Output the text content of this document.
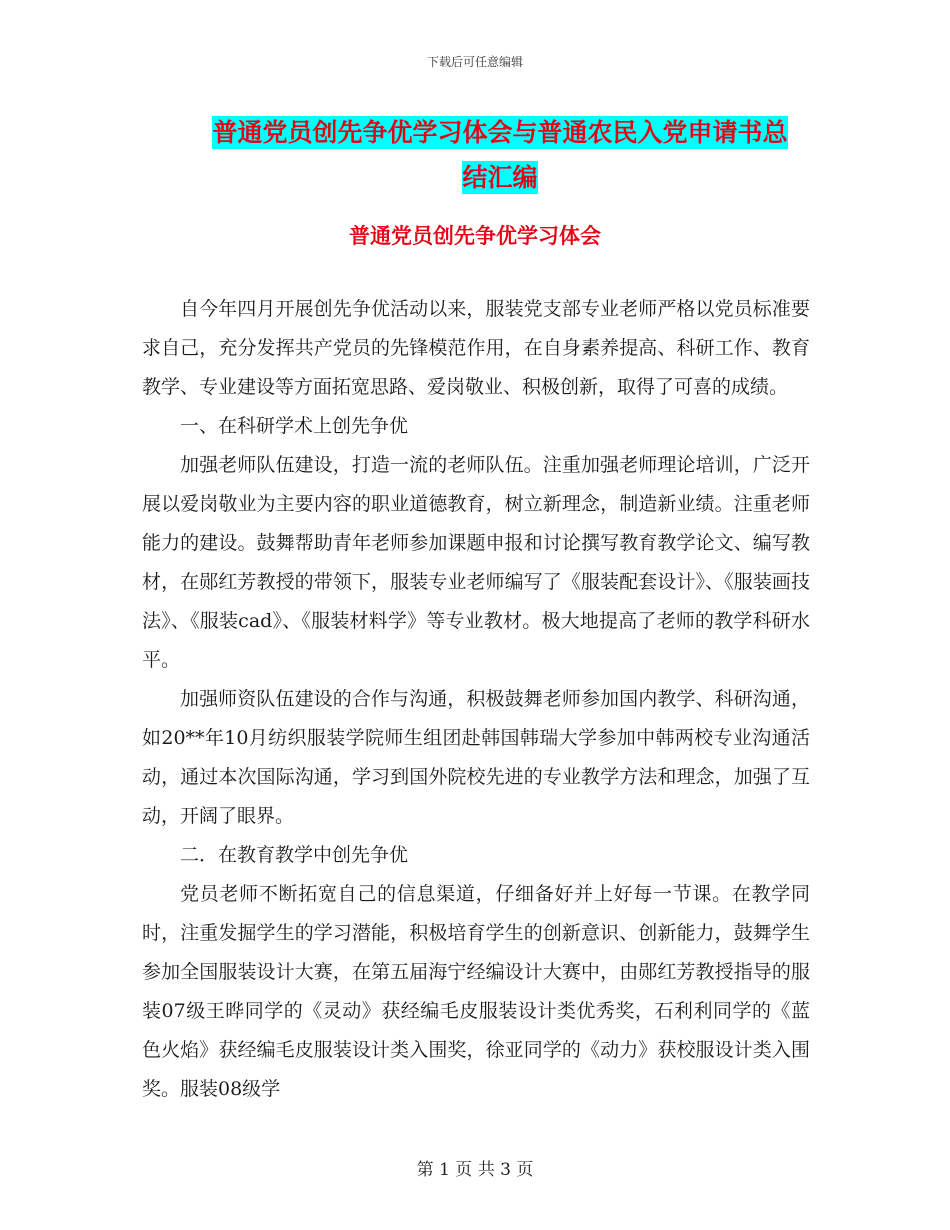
下载后可任意编辑
普通党员创先争优学习体会与普通农民入党申请书总
结汇编
普通党员创先争优学习体会

自今年四月开展创先争优活动以来，服装党支部专业老师严格以党员标准要求自己，充分发挥共产党员的先锋模范作用，在自身素养提高、科研工作、教育教学、专业建设等方面拓宽思路、爱岗敬业、积极创新，取得了可喜的成绩。

一、在科研学术上创先争优

加强老师队伍建设，打造一流的老师队伍。注重加强老师理论培训，广泛开展以爱岗敬业为主要内容的职业道德教育，树立新理念，制造新业绩。注重老师能力的建设。鼓舞帮助青年老师参加课题申报和讨论撰写教育教学论文、编写教材，在郧红芳教授的带领下，服装专业老师编写了《服装配套设计》、《服装画技法》、《服装cad》、《服装材料学》等专业教材。极大地提高了老师的教学科研水平。

加强师资队伍建设的合作与沟通，积极鼓舞老师参加国内教学、科研沟通，如20**年10月纺织服装学院师生组团赴韩国韩瑞大学参加中韩两校专业沟通活动，通过本次国际沟通，学习到国外院校先进的专业教学方法和理念，加强了互动，开阔了眼界。

二．在教育教学中创先争优

党员老师不断拓宽自己的信息渠道，仔细备好并上好每一节课。在教学同时，注重发掘学生的学习潜能，积极培育学生的创新意识、创新能力，鼓舞学生参加全国服装设计大赛，在第五届海宁经编设计大赛中，由郧红芳教授指导的服装07级王晔同学的《灵动》获经编毛皮服装设计类优秀奖，石利利同学的《蓝色火焰》获经编毛皮服装设计类入围奖，徐亚同学的《动力》获校服设计类入围奖。服装08级学

第 1 页 共 3 页
